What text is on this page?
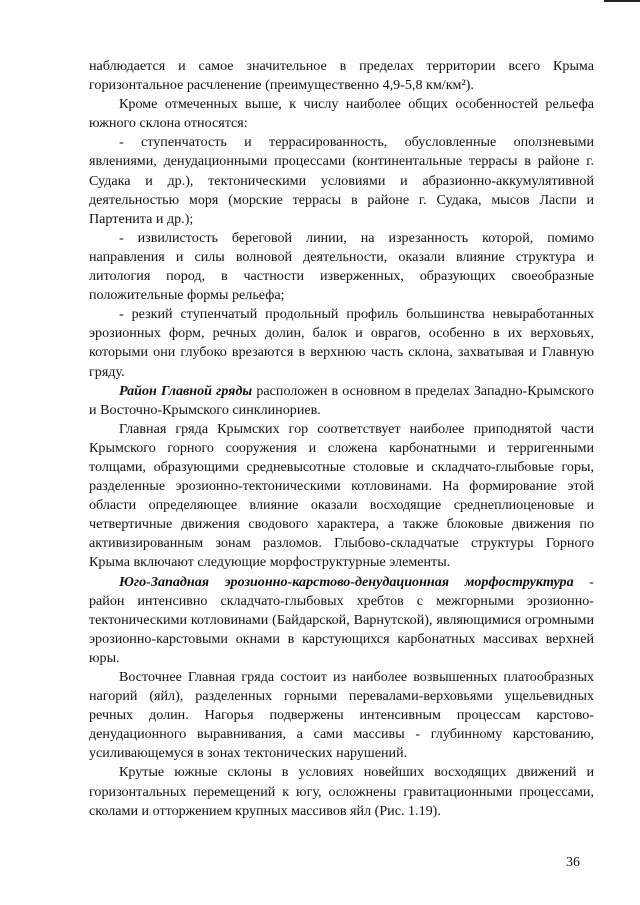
наблюдается и самое значительное в пределах территории всего Крыма горизонтальное расчленение (преимущественно 4,9-5,8 км/км²).

Кроме отмеченных выше, к числу наиболее общих особенностей рельефа южного склона относятся:

- ступенчатость и террасированность, обусловленные оползневыми явлениями, денудационными процессами (континентальные террасы в районе г. Судака и др.), тектоническими условиями и абразионно-аккумулятивной деятельностью моря (морские террасы в районе г. Судака, мысов Ласпи и Партенита и др.);

- извилистость береговой линии, на изрезанность которой, помимо направления и силы волновой деятельности, оказали влияние структура и литология пород, в частности изверженных, образующих своеобразные положительные формы рельефа;

- резкий ступенчатый продольный профиль большинства невыработанных эрозионных форм, речных долин, балок и оврагов, особенно в их верховьях, которыми они глубоко врезаются в верхнюю часть склона, захватывая и Главную гряду.

Район Главной гряды расположен в основном в пределах Западно-Крымского и Восточно-Крымского синклинориев.

Главная гряда Крымских гор соответствует наиболее приподнятой части Крымского горного сооружения и сложена карбонатными и терригенными толщами, образующими средневысотные столовые и складчато-глыбовые горы, разделенные эрозионно-тектоническими котловинами. На формирование этой области определяющее влияние оказали восходящие среднеплиоценовые и четвертичные движения сводового характера, а также блоковые движения по активизированным зонам разломов. Глыбово-складчатые структуры Горного Крыма включают следующие морфоструктурные элементы.

Юго-Западная эрозионно-карстово-денудационная морфоструктура - район интенсивно складчато-глыбовых хребтов с межгорными эрозионно-тектоническими котловинами (Байдарской, Варнутской), являющимися огромными эрозионно-карстовыми окнами в карстующихся карбонатных массивах верхней юры.

Восточнее Главная гряда состоит из наиболее возвышенных платообразных нагорий (яйл), разделенных горными перевалами-верховьями ущельевидных речных долин. Нагорья подвержены интенсивным процессам карстово-денудационного выравнивания, а сами массивы - глубинному карстованию, усиливающемуся в зонах тектонических нарушений.

Крутые южные склоны в условиях новейших восходящих движений и горизонтальных перемещений к югу, осложнены гравитационными процессами, сколами и отторжением крупных массивов яйл (Рис. 1.19).

36
